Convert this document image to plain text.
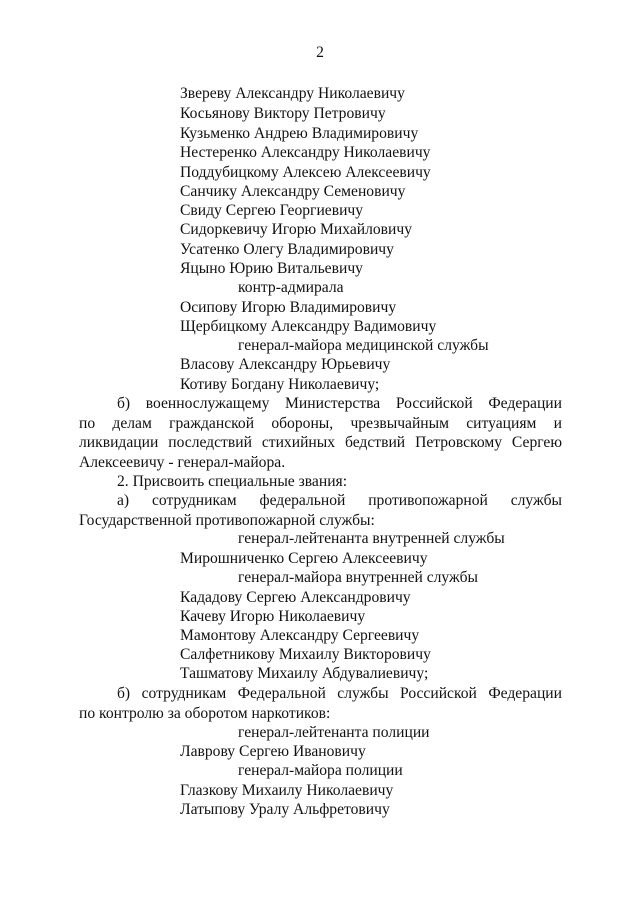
2
Звереву Александру Николаевичу
Косьянову Виктору Петровичу
Кузьменко Андрею Владимировичу
Нестеренко Александру Николаевичу
Поддубицкому Алексею Алексеевичу
Санчику Александру Семеновичу
Свиду Сергею Георгиевичу
Сидоркевичу Игорю Михайловичу
Усатенко Олегу Владимировичу
Яцыно Юрию Витальевичу
контр-адмирала
Осипову Игорю Владимировичу
Щербицкому Александру Вадимовичу
генерал-майора медицинской службы
Власову Александру Юрьевичу
Котиву Богдану Николаевичу;

б) военнослужащему Министерства Российской Федерации

по делам гражданской обороны, чрезвычайным ситуациям и

ликвидации последствий стихийных бедствий Петровскому Сергею

Алексеевичу - генерал-майора.

2. Присвоить специальные звания:

а) сотрудникам федеральной противопожарной службы

Государственной противопожарной службы:

генерал-лейтенанта внутренней службы
Мирошниченко Сергею Алексеевичу
генерал-майора внутренней службы
Кададову Сергею Александровичу
Качеву Игорю Николаевичу
Мамонтову Александру Сергеевичу
Салфетникову Михаилу Викторовичу
Ташматову Михаилу Абдувалиевичу;

б) сотрудникам Федеральной службы Российской Федерации

по контролю за оборотом наркотиков:

генерал-лейтенанта полиции
Лаврову Сергею Ивановичу
генерал-майора полиции
Глазкову Михаилу Николаевичу
Латыпову Уралу Альфретовичу
